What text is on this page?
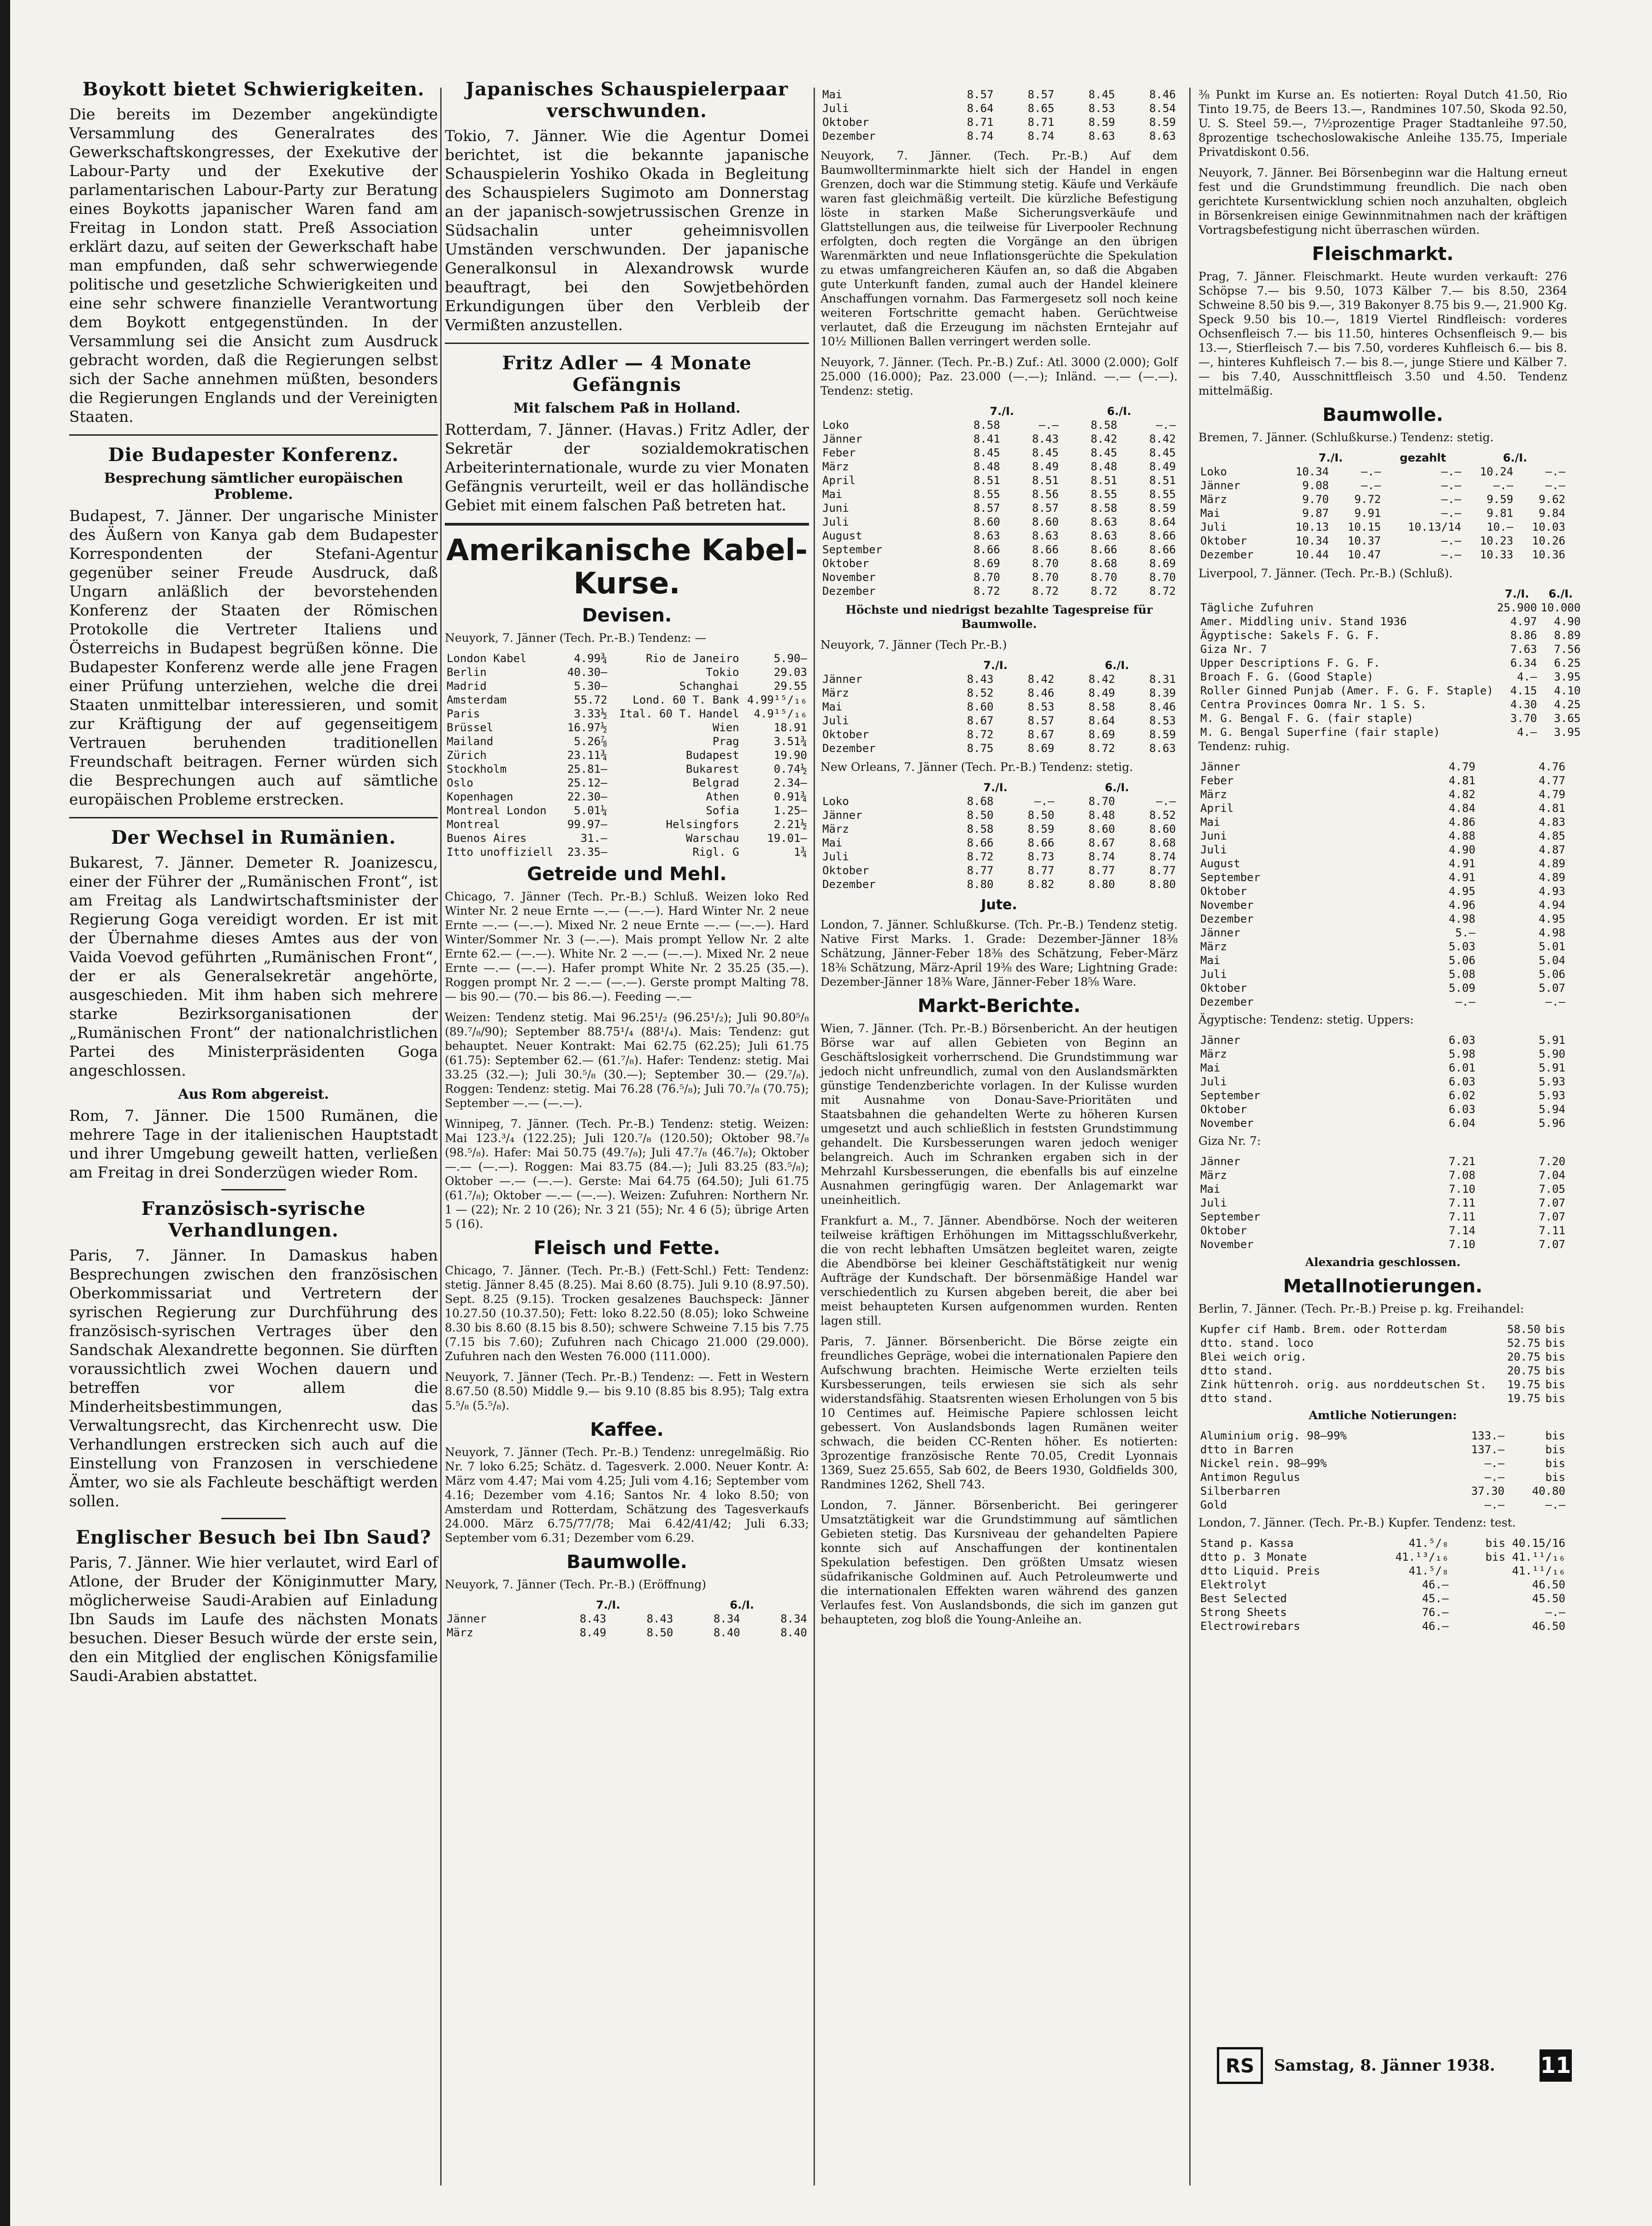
Boykott bietet Schwierigkeiten.

Die bereits im Dezember angekündigte Versammlung des Generalrates des Gewerkschaftskongresses, der Exekutive der Labour-Party und der Exekutive der parlamentarischen Labour-Party zur Beratung eines Boykotts japanischer Waren fand am Freitag in London statt. Preß Association erklärt dazu, auf seiten der Gewerkschaft habe man empfunden, daß sehr schwerwiegende politische und gesetzliche Schwierigkeiten und eine sehr schwere finanzielle Verantwortung dem Boykott entgegenstünden. In der Versammlung sei die Ansicht zum Ausdruck gebracht worden, daß die Regierungen selbst sich der Sache annehmen müßten, besonders die Regierungen Englands und der Vereinigten Staaten.

Die Budapester Konferenz.
Besprechung sämtlicher europäischen Probleme.

Budapest, 7. Jänner. Der ungarische Minister des Äußern von Kanya gab dem Budapester Korrespondenten der Stefani-Agentur gegenüber seiner Freude Ausdruck, daß Ungarn anläßlich der bevorstehenden Konferenz der Staaten der Römischen Protokolle die Vertreter Italiens und Österreichs in Budapest begrüßen könne. Die Budapester Konferenz werde alle jene Fragen einer Prüfung unterziehen, welche die drei Staaten unmittelbar interessieren, und somit zur Kräftigung der auf gegenseitigem Vertrauen beruhenden traditionellen Freundschaft beitragen. Ferner würden sich die Besprechungen auch auf sämtliche europäischen Probleme erstrecken.

Der Wechsel in Rumänien.

Bukarest, 7. Jänner. Demeter R. Joanizescu, einer der Führer der „Rumänischen Front“, ist am Freitag als Landwirtschaftsminister der Regierung Goga vereidigt worden. Er ist mit der Übernahme dieses Amtes aus der von Vaida Voevod geführten „Rumänischen Front“, der er als Generalsekretär angehörte, ausgeschieden. Mit ihm haben sich mehrere starke Bezirksorganisationen der „Rumänischen Front“ der nationalchristlichen Partei des Ministerpräsidenten Goga angeschlossen.

Aus Rom abgereist.

Rom, 7. Jänner. Die 1500 Rumänen, die mehrere Tage in der italienischen Hauptstadt und ihrer Umgebung geweilt hatten, verließen am Freitag in drei Sonderzügen wieder Rom.

Französisch-syrische Verhandlungen.

Paris, 7. Jänner. In Damaskus haben Besprechungen zwischen den französischen Oberkommissariat und Vertretern der syrischen Regierung zur Durchführung des französisch-syrischen Vertrages über den Sandschak Alexandrette begonnen. Sie dürften voraussichtlich zwei Wochen dauern und betreffen vor allem die Minderheitsbestimmungen, das Verwaltungsrecht, das Kirchenrecht usw. Die Verhandlungen erstrecken sich auch auf die Einstellung von Franzosen in verschiedene Ämter, wo sie als Fachleute beschäftigt werden sollen.

Englischer Besuch bei Ibn Saud?

Paris, 7. Jänner. Wie hier verlautet, wird Earl of Atlone, der Bruder der Königinmutter Mary, möglicherweise Saudi-Arabien auf Einladung Ibn Sauds im Laufe des nächsten Monats besuchen. Dieser Besuch würde der erste sein, den ein Mitglied der englischen Königsfamilie Saudi-Arabien abstattet.

Japanisches Schauspielerpaar verschwunden.

Tokio, 7. Jänner. Wie die Agentur Domei berichtet, ist die bekannte japanische Schauspielerin Yoshiko Okada in Begleitung des Schauspielers Sugimoto am Donnerstag an der japanisch-sowjetrussischen Grenze in Südsachalin unter geheimnisvollen Umständen verschwunden. Der japanische Generalkonsul in Alexandrowsk wurde beauftragt, bei den Sowjetbehörden Erkundigungen über den Verbleib der Vermißten anzustellen.

Fritz Adler — 4 Monate Gefängnis
Mit falschem Paß in Holland.

Rotterdam, 7. Jänner. (Havas.) Fritz Adler, der Sekretär der sozialdemokratischen Arbeiterinternationale, wurde zu vier Monaten Gefängnis verurteilt, weil er das holländische Gebiet mit einem falschen Paß betreten hat.

Amerikanische Kabel-Kurse.
Devisen.

Neuyork, 7. Jänner (Tech. Pr.-B.) Tendenz: —

London Kabel	4.99¾	Rio de Janeiro	5.90—
Berlin	40.30—	Tokio	29.03
Madrid	5.30—	Schanghai	29.55
Amsterdam	55.72	Lond. 60 T. Bank	4.99¹⁵/₁₆
Paris	3.33½	Ital. 60 T. Handel	4.9¹⁵/₁₆
Brüssel	16.97½	Wien	18.91
Mailand	5.26⅞	Prag	3.51¾
Zürich	23.11¾	Budapest	19.90
Stockholm	25.81—	Bukarest	0.74½
Oslo	25.12—	Belgrad	2.34—
Kopenhagen	22.30—	Athen	0.91¾
Montreal London	5.01¼	Sofia	1.25—
Montreal	99.97—	Helsingfors	2.21½
Buenos Aires	31.—	Warschau	19.01—
Itto unoffiziell	23.35—	Rigl. G	1¾
Getreide und Mehl.

Chicago, 7. Jänner (Tech. Pr.-B.) Schluß. Weizen loko Red Winter Nr. 2 neue Ernte —.— (—.—). Hard Winter Nr. 2 neue Ernte —.— (—.—). Mixed Nr. 2 neue Ernte —.— (—.—). Hard Winter/Sommer Nr. 3 (—.—). Mais prompt Yellow Nr. 2 alte Ernte 62.— (—.—). White Nr. 2 —.— (—.—). Mixed Nr. 2 neue Ernte —.— (—.—). Hafer prompt White Nr. 2 35.25 (35.—). Roggen prompt Nr. 2 —.— (—.—). Gerste prompt Malting 78.— bis 90.— (70.— bis 86.—). Feeding —.—

Weizen: Tendenz stetig. Mai 96.25¹/₂ (96.25¹/₂); Juli 90.80⁵/₈ (89.⁷/₈/90); September 88.75¹/₄ (88¹/₄). Mais: Tendenz: gut behauptet. Neuer Kontrakt: Mai 62.75 (62.25); Juli 61.75 (61.75): September 62.— (61.⁷/₈). Hafer: Tendenz: stetig. Mai 33.25 (32.—); Juli 30.⁵/₈ (30.—); September 30.— (29.⁷/₈). Roggen: Tendenz: stetig. Mai 76.28 (76.⁵/₈); Juli 70.⁷/₈ (70.75); September —.— (—.—).

Winnipeg, 7. Jänner. (Tech. Pr.-B.) Tendenz: stetig. Weizen: Mai 123.³/₄ (122.25); Juli 120.⁷/₈ (120.50); Oktober 98.⁷/₈ (98.⁵/₈). Hafer: Mai 50.75 (49.⁷/₈); Juli 47.⁷/₈ (46.⁷/₈); Oktober —.— (—.—). Roggen: Mai 83.75 (84.—); Juli 83.25 (83.⁵/₈); Oktober —.— (—.—). Gerste: Mai 64.75 (64.50); Juli 61.75 (61.⁷/₈); Oktober —.— (—.—). Weizen: Zufuhren: Northern Nr. 1 — (22); Nr. 2 10 (26); Nr. 3 21 (55); Nr. 4 6 (5); übrige Arten 5 (16).

Fleisch und Fette.

Chicago, 7. Jänner. (Tech. Pr.-B.) (Fett-Schl.) Fett: Tendenz: stetig. Jänner 8.45 (8.25). Mai 8.60 (8.75). Juli 9.10 (8.97.50). Sept. 8.25 (9.15). Trocken gesalzenes Bauchspeck: Jänner 10.27.50 (10.37.50); Fett: loko 8.22.50 (8.05); loko Schweine 8.30 bis 8.60 (8.15 bis 8.50); schwere Schweine 7.15 bis 7.75 (7.15 bis 7.60); Zufuhren nach Chicago 21.000 (29.000). Zufuhren nach den Westen 76.000 (111.000).

Neuyork, 7. Jänner (Tech. Pr.-B.) Tendenz: —. Fett in Western 8.67.50 (8.50) Middle 9.— bis 9.10 (8.85 bis 8.95); Talg extra 5.⁵/₈ (5.⁵/₈).

Kaffee.

Neuyork, 7. Jänner (Tech. Pr.-B.) Tendenz: unregelmäßig. Rio Nr. 7 loko 6.25; Schätz. d. Tagesverk. 2.000. Neuer Kontr. A: März vom 4.47; Mai vom 4.25; Juli vom 4.16; September vom 4.16; Dezember vom 4.16; Santos Nr. 4 loko 8.50; von Amsterdam und Rotterdam, Schätzung des Tagesverkaufs 24.000. März 6.75/77/78; Mai 6.42/41/42; Juli 6.33; September vom 6.31; Dezember vom 6.29.

Baumwolle.

Neuyork, 7. Jänner (Tech. Pr.-B.) (Eröffnung)

	7./I.		6./I.	
Jänner	8.43	8.43	8.34	8.34
März	8.49	8.50	8.40	8.40
Mai	8.57	8.57	8.45	8.46
Juli	8.64	8.65	8.53	8.54
Oktober	8.71	8.71	8.59	8.59
Dezember	8.74	8.74	8.63	8.63

Neuyork, 7. Jänner. (Tech. Pr.-B.) Auf dem Baumwollterminmarkte hielt sich der Handel in engen Grenzen, doch war die Stimmung stetig. Käufe und Verkäufe waren fast gleichmäßig verteilt. Die kürzliche Befestigung löste in starken Maße Sicherungsverkäufe und Glattstellungen aus, die teilweise für Liverpooler Rechnung erfolgten, doch regten die Vorgänge an den übrigen Warenmärkten und neue Inflationsgerüchte die Spekulation zu etwas umfangreicheren Käufen an, so daß die Abgaben gute Unterkunft fanden, zumal auch der Handel kleinere Anschaffungen vornahm. Das Farmergesetz soll noch keine weiteren Fortschritte gemacht haben. Gerüchtweise verlautet, daß die Erzeugung im nächsten Erntejahr auf 10½ Millionen Ballen verringert werden solle.

Neuyork, 7. Jänner. (Tech. Pr.-B.) Zuf.: Atl. 3000 (2.000); Golf 25.000 (16.000); Paz. 23.000 (—.—); Inländ. —.— (—.—). Tendenz: stetig.

	7./I.		6./I.	
Loko	8.58	—.—	8.58	—.—
Jänner	8.41	8.43	8.42	8.42
Feber	8.45	8.45	8.45	8.45
März	8.48	8.49	8.48	8.49
April	8.51	8.51	8.51	8.51
Mai	8.55	8.56	8.55	8.55
Juni	8.57	8.57	8.58	8.59
Juli	8.60	8.60	8.63	8.64
August	8.63	8.63	8.63	8.66
September	8.66	8.66	8.66	8.66
Oktober	8.69	8.70	8.68	8.69
November	8.70	8.70	8.70	8.70
Dezember	8.72	8.72	8.72	8.72

Höchste und niedrigst bezahlte Tagespreise für Baumwolle.

Neuyork, 7. Jänner (Tech Pr.-B.)

	7./I.		6./I.	
Jänner	8.43	8.42	8.42	8.31
März	8.52	8.46	8.49	8.39
Mai	8.60	8.53	8.58	8.46
Juli	8.67	8.57	8.64	8.53
Oktober	8.72	8.67	8.69	8.59
Dezember	8.75	8.69	8.72	8.63

New Orleans, 7. Jänner (Tech. Pr.-B.) Tendenz: stetig.

	7./I.		6./I.	
Loko	8.68	—.—	8.70	—.—
Jänner	8.50	8.50	8.48	8.52
März	8.58	8.59	8.60	8.60
Mai	8.66	8.66	8.67	8.68
Juli	8.72	8.73	8.74	8.74
Oktober	8.77	8.77	8.77	8.77
Dezember	8.80	8.82	8.80	8.80
Jute.

London, 7. Jänner. Schlußkurse. (Tch. Pr.-B.) Tendenz stetig. Native First Marks. 1. Grade: Dezember-Jänner 18⅜ Schätzung, Jänner-Feber 18⅜ des Schätzung, Feber-März 18⅜ Schätzung, März-April 19⅜ des Ware; Lightning Grade: Dezember-Jänner 18⅜ Ware, Jänner-Feber 18⅝ Ware.

Markt-Berichte.

Wien, 7. Jänner. (Tch. Pr.-B.) Börsenbericht. An der heutigen Börse war auf allen Gebieten von Beginn an Geschäftslosigkeit vorherrschend. Die Grundstimmung war jedoch nicht unfreundlich, zumal von den Auslandsmärkten günstige Tendenzberichte vorlagen. In der Kulisse wurden mit Ausnahme von Donau-Save-Prioritäten und Staatsbahnen die gehandelten Werte zu höheren Kursen umgesetzt und auch schließlich in feststen Grundstimmung gehandelt. Die Kursbesserungen waren jedoch weniger belangreich. Auch im Schranken ergaben sich in der Mehrzahl Kursbesserungen, die ebenfalls bis auf einzelne Ausnahmen geringfügig waren. Der Anlagemarkt war uneinheitlich.

Frankfurt a. M., 7. Jänner. Abendbörse. Noch der weiteren teilweise kräftigen Erhöhungen im Mittagsschlußverkehr, die von recht lebhaften Umsätzen begleitet waren, zeigte die Abendbörse bei kleiner Geschäftstätigkeit nur wenig Aufträge der Kundschaft. Der börsenmäßige Handel war verschiedentlich zu Kursen abgeben bereit, die aber bei meist behaupteten Kursen aufgenommen wurden. Renten lagen still.

Paris, 7. Jänner. Börsenbericht. Die Börse zeigte ein freundliches Gepräge, wobei die internationalen Papiere den Aufschwung brachten. Heimische Werte erzielten teils Kursbesserungen, teils erwiesen sie sich als sehr widerstandsfähig. Staatsrenten wiesen Erholungen von 5 bis 10 Centimes auf. Heimische Papiere schlossen leicht gebessert. Von Auslandsbonds lagen Rumänen weiter schwach, die beiden CC-Renten höher. Es notierten: 3prozentige französische Rente 70.05, Credit Lyonnais 1369, Suez 25.655, Sab 602, de Beers 1930, Goldfields 300, Randmines 1262, Shell 743.

London, 7. Jänner. Börsenbericht. Bei geringerer Umsatztätigkeit war die Grundstimmung auf sämtlichen Gebieten stetig. Das Kursniveau der gehandelten Papiere konnte sich auf Anschaffungen der kontinentalen Spekulation befestigen. Den größten Umsatz wiesen südafrikanische Goldminen auf. Auch Petroleumwerte und die internationalen Effekten waren während des ganzen Verlaufes fest. Von Auslandsbonds, die sich im ganzen gut behaupteten, zog bloß die Young-Anleihe an.

⅜ Punkt im Kurse an. Es notierten: Royal Dutch 41.50, Rio Tinto 19.75, de Beers 13.—, Randmines 107.50, Skoda 92.50, U. S. Steel 59.—, 7½prozentige Prager Stadtanleihe 97.50, 8prozentige tschechoslowakische Anleihe 135.75, Imperiale Privatdiskont 0.56.

Neuyork, 7. Jänner. Bei Börsenbeginn war die Haltung erneut fest und die Grundstimmung freundlich. Die nach oben gerichtete Kursentwicklung schien noch anzuhalten, obgleich in Börsenkreisen einige Gewinnmitnahmen nach der kräftigen Vortragsbefestigung nicht überraschen würden.

Fleischmarkt.

Prag, 7. Jänner. Fleischmarkt. Heute wurden verkauft: 276 Schöpse 7.— bis 9.50, 1073 Kälber 7.— bis 8.50, 2364 Schweine 8.50 bis 9.—, 319 Bakonyer 8.75 bis 9.—, 21.900 Kg. Speck 9.50 bis 10.—, 1819 Viertel Rindfleisch: vorderes Ochsenfleisch 7.— bis 11.50, hinteres Ochsenfleisch 9.— bis 13.—, Stierfleisch 7.— bis 7.50, vorderes Kuhfleisch 6.— bis 8.—, hinteres Kuhfleisch 7.— bis 8.—, junge Stiere und Kälber 7.— bis 7.40, Ausschnittfleisch 3.50 und 4.50. Tendenz mittelmäßig.

Baumwolle.

Bremen, 7. Jänner. (Schlußkurse.) Tendenz: stetig.

	7./I.		gezahlt	6./I.	
Loko	10.34	—.—	—.—	10.24	—.—
Jänner	9.08	—.—	—.—	—.—	—.—
März	9.70	9.72	—.—	9.59	9.62
Mai	9.87	9.91	—.—	9.81	9.84
Juli	10.13	10.15	10.13/14	10.—	10.03
Oktober	10.34	10.37	—.—	10.23	10.26
Dezember	10.44	10.47	—.—	10.33	10.36

Liverpool, 7. Jänner. (Tech. Pr.-B.) (Schluß).

	7./I.	6./I.
Tägliche Zufuhren	25.900	10.000
Amer. Middling univ. Stand 1936	4.97	4.90
Ägyptische: Sakels F. G. F.	8.86	8.89
Giza Nr. 7	7.63	7.56
Upper Descriptions F. G. F.	6.34	6.25
Broach F. G. (Good Staple)	4.—	3.95
Roller Ginned Punjab (Amer. F. G. F. Staple)	4.15	4.10
Centra Provinces Oomra Nr. 1 S. S.	4.30	4.25
M. G. Bengal F. G. (fair staple)	3.70	3.65
M. G. Bengal Superfine (fair staple)	4.—	3.95

Tendenz: ruhig.

Jänner	4.79	4.76
Feber	4.81	4.77
März	4.82	4.79
April	4.84	4.81
Mai	4.86	4.83
Juni	4.88	4.85
Juli	4.90	4.87
August	4.91	4.89
September	4.91	4.89
Oktober	4.95	4.93
November	4.96	4.94
Dezember	4.98	4.95
Jänner	5.—	4.98
März	5.03	5.01
Mai	5.06	5.04
Juli	5.08	5.06
Oktober	5.09	5.07
Dezember	—.—	—.—

Ägyptische: Tendenz: stetig. Uppers:

Jänner	6.03	5.91
März	5.98	5.90
Mai	6.01	5.91
Juli	6.03	5.93
September	6.02	5.93
Oktober	6.03	5.94
November	6.04	5.96

Giza Nr. 7:

Jänner	7.21	7.20
März	7.08	7.04
Mai	7.10	7.05
Juli	7.11	7.07
September	7.11	7.07
Oktober	7.14	7.11
November	7.10	7.07

Alexandria geschlossen.

Metallnotierungen.

Berlin, 7. Jänner. (Tech. Pr.-B.) Preise p. kg. Freihandel:

Kupfer cif Hamb. Brem. oder Rotterdam	58.50	bis
dtto. stand. loco	52.75	bis
Blei weich orig.	20.75	bis
dtto stand.	20.75	bis
Zink hüttenroh. orig. aus norddeutschen St.	19.75	bis
dtto stand.	19.75	bis

Amtliche Notierungen:

Aluminium orig. 98—99%	133.—	bis
dtto in Barren	137.—	bis
Nickel rein. 98—99%	—.—	bis
Antimon Regulus	—.—	bis
Silberbarren	37.30	40.80
Gold	—.—	—.—

London, 7. Jänner. (Tech. Pr.-B.) Kupfer. Tendenz: test.

Stand p. Kassa	41.⁵/₈	bis 40.15/16
dtto p. 3 Monate	41.¹³/₁₆	bis 41.¹¹/₁₆
dtto Liquid. Preis	41.⁵/₈	41.¹¹/₁₆
Elektrolyt	46.—	46.50
Best Selected	45.—	45.50
Strong Sheets	76.—	—.—
Electrowirebars	46.—	46.50
RS	Samstag, 8. Jänner 1938. 11
